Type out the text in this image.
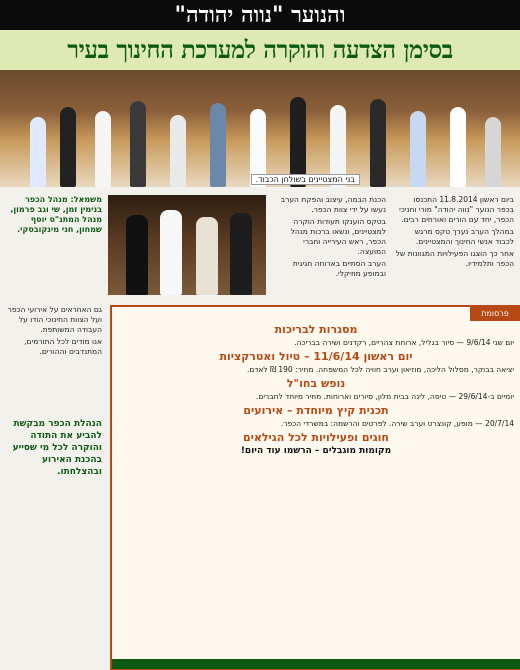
והנוער "נווה יהודה"
בסימן הצדעה והוקרה למערכת החינוך בעיר
בני המצטיינים בשולחן הכבוד.
משמאל: מנהל הכפר בנימין זמן, שי וגב פרמון, מנהל המתנ"ס יוסף שמחון, חני מינקובסקי.

ביום ראשון 11.8.2014 התכנסו בכפר הנוער "נווה יהודה" מורי וחניכי הכפר, יחד עם הורים ואורחים רבים.

במהלך הערב נערך טקס מרגש לכבוד אנשי החינוך והמצטיינים.

אחר כך הוצגו הפעילויות המגוונות של הכפר ותלמידיו.

הכנת הבמה, עיצוב והפקת הערב נעשו על ידי צוות הכפר.

בטקס הוענקו תעודות הוקרה למצטיינים, ונשאו ברכות מנהל הכפר, ראש העירייה וחברי המועצה.

הערב הסתיים בארוחה חגיגית ובמופע מוזיקלי.

גם האחראים על אירועי הכפר ועל הצוות החינוכי הודו על העבודה המשותפת.

אנו מודים לכל התורמים, המתנדבים וההורים.

הנהלת הכפר מבקשת להביע את התודה והוקרה לכל מי שסייע בהכנת האירוע ובהצלחתו.
פרסומת
מסגרות לבריכות
יום שני 9/6/14 — סיור בגליל, ארוחת צהריים, רקדנים ושירה בבריכה.
יום ראשון 11/6/14 – טיול ואטרקציות
יציאה בבוקר, מסלול הליכה, מוזיאון וערב חוויה לכל המשפחה. מחיר: 190 ₪ לאדם.
נופש בחו"ל
יומיים ב-29/6/14 — טיסה, לינה בבית מלון, סיורים וארוחות. מחיר מיוחד לחברים.
תכנית קיץ מיוחדת – אירועים
20/7/14 — מופע, קונצרט וערב שירה. לפרטים והרשמה: במשרדי הכפר.
חוגים ופעילויות לכל הגילאים
מקומות מוגבלים – הרשמו עוד היום!
